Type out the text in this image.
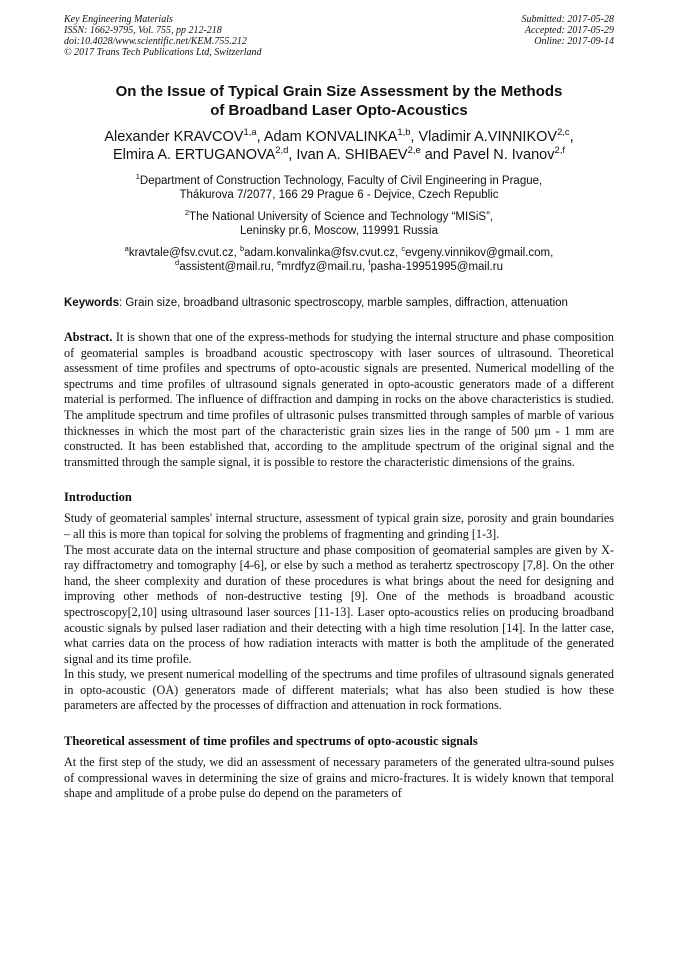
Key Engineering Materials
ISSN: 1662-9795, Vol. 755, pp 212-218
doi:10.4028/www.scientific.net/KEM.755.212
© 2017 Trans Tech Publications Ltd, Switzerland
Submitted: 2017-05-28
Accepted: 2017-05-29
Online: 2017-09-14
On the Issue of Typical Grain Size Assessment by the Methods
of Broadband Laser Opto-Acoustics
Alexander KRAVCOV$^{1,a}$, Adam KONVALINKA$^{1,b}$, Vladimir A.VINNIKOV$^{2,c}$,
Elmira A. ERTUGANOVA$^{2,d}$, Ivan A. SHIBAEV$^{2,e}$ and Pavel N. Ivanov$^{2,f}$
$^1$Department of Construction Technology, Faculty of Civil Engineering in Prague,
Thákurova 7/2077, 166 29 Prague 6 - Dejvice, Czech Republic
$^2$The National University of Science and Technology “MISiS”,
Leninsky pr.6, Moscow, 119991 Russia
$^a$kravtale@fsv.cvut.cz, $^b$adam.konvalinka@fsv.cvut.cz, $^c$evgeny.vinnikov@gmail.com,
$^d$assistent@mail.ru, $^e$mrdfyz@mail.ru, $^f$pasha-19951995@mail.ru
Keywords: Grain size, broadband ultrasonic spectroscopy, marble samples, diffraction, attenuation
Abstract. It is shown that one of the express-methods for studying the internal structure and phase composition of geomaterial samples is broadband acoustic spectroscopy with laser sources of ultrasound. Theoretical assessment of time profiles and spectrums of opto-acoustic signals are presented. Numerical modelling of the spectrums and time profiles of ultrasound signals generated in opto-acoustic generators made of a different material is performed. The influence of diffraction and damping in rocks on the above characteristics is studied. The amplitude spectrum and time profiles of ultrasonic pulses transmitted through samples of marble of various thicknesses in which the most part of the characteristic grain sizes lies in the range of 500 µm - 1 mm are constructed. It has been established that, according to the amplitude spectrum of the original signal and the transmitted through the sample signal, it is possible to restore the characteristic dimensions of the grains.
Introduction
Study of geomaterial samples' internal structure, assessment of typical grain size, porosity and grain boundaries – all this is more than topical for solving the problems of fragmenting and grinding [1-3].
The most accurate data on the internal structure and phase composition of geomaterial samples are given by X-ray diffractometry and tomography [4-6], or else by such a method as terahertz spectroscopy [7,8]. On the other hand, the sheer complexity and duration of these procedures is what brings about the need for designing and improving other methods of non-destructive testing [9]. One of the methods is broadband acoustic spectroscopy[2,10] using ultrasound laser sources [11-13]. Laser opto-acoustics relies on producing broadband acoustic signals by pulsed laser radiation and their detecting with a high time resolution [14]. In the latter case, what carries data on the process of how radiation interacts with matter is both the amplitude of the generated signal and its time profile.
In this study, we present numerical modelling of the spectrums and time profiles of ultrasound signals generated in opto-acoustic (OA) generators made of different materials; what has also been studied is how these parameters are affected by the processes of diffraction and attenuation in rock formations.
Theoretical assessment of time profiles and spectrums of opto-acoustic signals
At the first step of the study, we did an assessment of necessary parameters of the generated ultra-sound pulses of compressional waves in determining the size of grains and micro-fractures. It is widely known that temporal shape and amplitude of a probe pulse do depend on the parameters of
